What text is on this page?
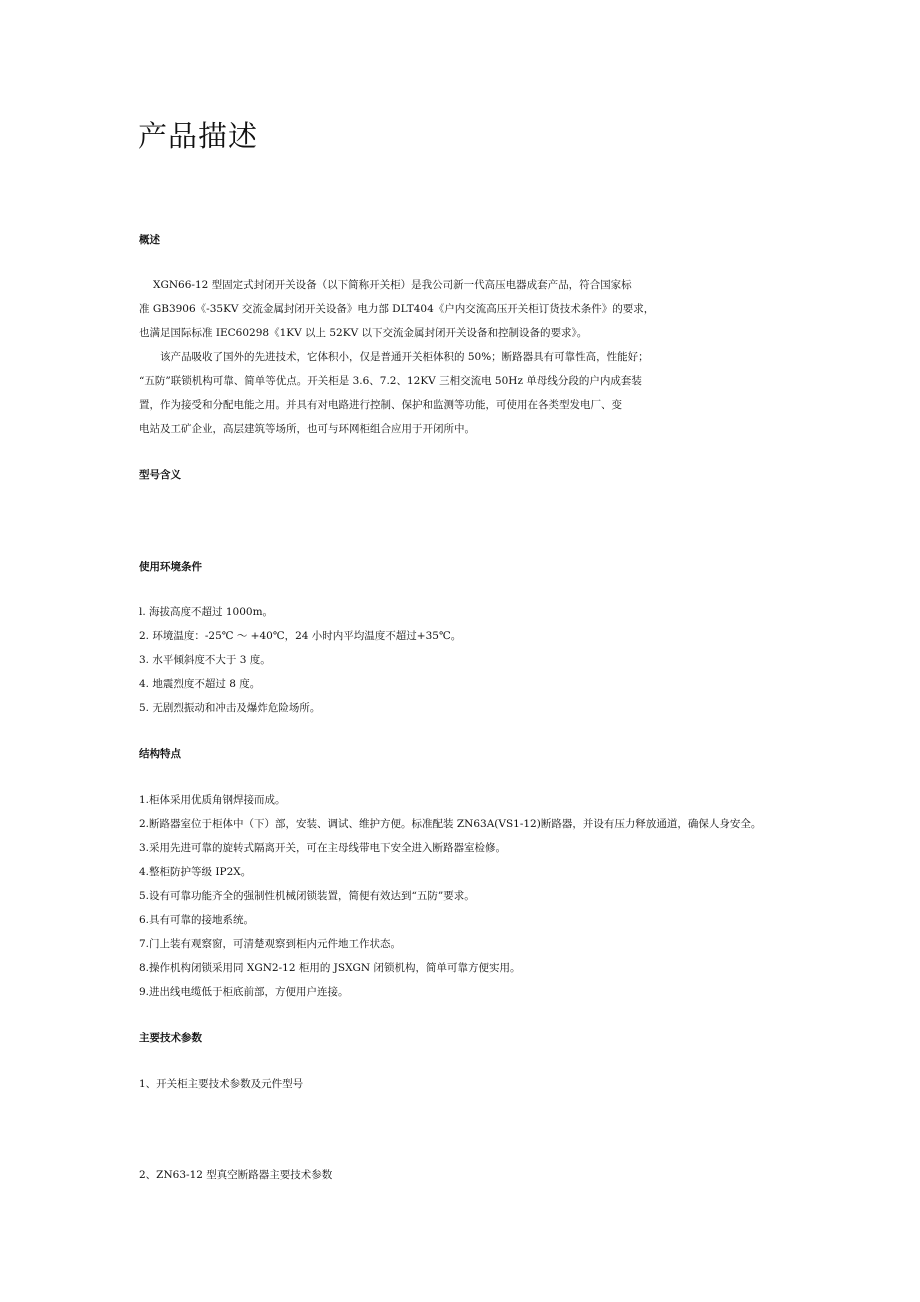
产品描述
概述

XGN66-12 型固定式封闭开关设备（以下简称开关柜）是我公司新一代高压电器成套产品，符合国家标

准 GB3906《-35KV 交流金属封闭开关设备》电力部 DLT404《户内交流高压开关柜订货技术条件》的要求，

也满足国际标准 IEC60298《1KV 以上 52KV 以下交流金属封闭开关设备和控制设备的要求》。

该产品吸收了国外的先进技术，它体积小，仅是普通开关柜体积的 50%；断路器具有可靠性高，性能好；

“五防”联锁机构可靠、简单等优点。开关柜是 3.6、7.2、12KV 三相交流电 50Hz 单母线分段的户内成套装

置，作为接受和分配电能之用。并具有对电路进行控制、保护和监测等功能，可使用在各类型发电厂、变

电站及工矿企业，高层建筑等场所，也可与环网柜组合应用于开闭所中。

型号含义
使用环境条件

l. 海拔高度不超过 1000m。

2. 环境温度：-25℃ ～ +40℃，24 小时内平均温度不超过+35℃。

3. 水平倾斜度不大于 3 度。

4. 地震烈度不超过 8 度。

5. 无剧烈振动和冲击及爆炸危险场所。

结构特点

1.柜体采用优质角钢焊接而成。

2.断路器室位于柜体中（下）部，安装、调试、维护方便。标准配装 ZN63A(VS1-12)断路器，并设有压力释放通道，确保人身安全。

3.采用先进可靠的旋转式隔离开关，可在主母线带电下安全进入断路器室检修。

4.整柜防护等级 IP2X。

5.设有可靠功能齐全的强制性机械闭锁装置，简便有效达到“五防”要求。

6.具有可靠的接地系统。

7.门上装有观察窗，可清楚观察到柜内元件地工作状态。

8.操作机构闭锁采用同 XGN2-12 柜用的 JSXGN 闭锁机构，简单可靠方便实用。

9.进出线电缆低于柜底前部，方便用户连接。

主要技术参数

1、开关柜主要技术参数及元件型号

2、ZN63-12 型真空断路器主要技术参数
